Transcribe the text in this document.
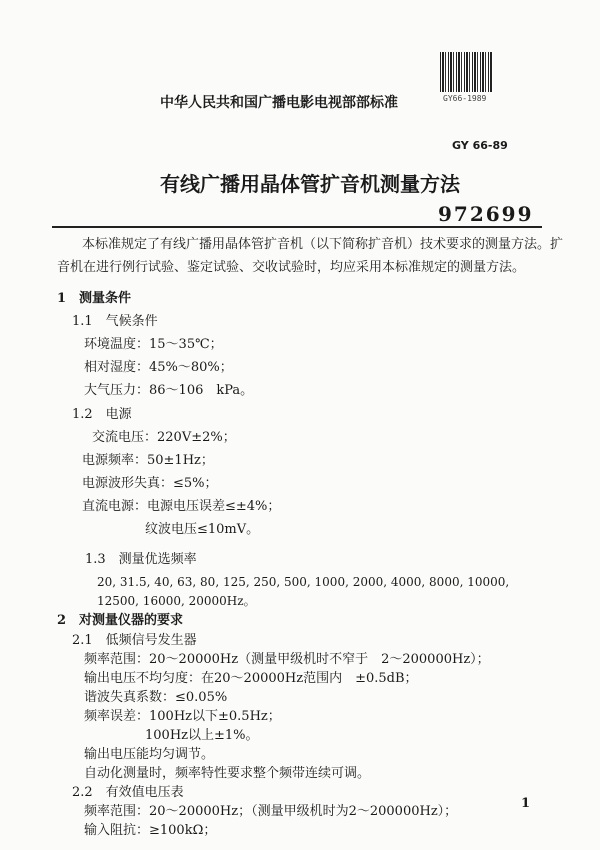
GY66-1989
中华人民共和国广播电影电视部部标准
GY 66-89
有线广播用晶体管扩音机测量方法
972699
本标准规定了有线广播用晶体管扩音机（以下简称扩音机）技术要求的测量方法。扩
音机在进行例行试验、鉴定试验、交收试验时，均应采用本标准规定的测量方法。
1　测量条件
1.1　气候条件
环境温度：15～35℃；
相对湿度：45%～80%；
大气压力：86～106　kPa。
1.2　电源
交流电压：220V±2%；
电源频率：50±1Hz；
电源波形失真：≤5%；
直流电源：电源电压误差≤±4%；
纹波电压≤10mV。
1.3　测量优选频率
20, 31.5, 40, 63, 80, 125, 250, 500, 1000, 2000, 4000, 8000, 10000,
12500, 16000, 20000Hz。
2　对测量仪器的要求
2.1　低频信号发生器
频率范围：20～20000Hz（测量甲级机时不窄于　2～200000Hz）；
输出电压不均匀度：在20～20000Hz范围内　±0.5dB；
谐波失真系数：≤0.05%
频率误差：100Hz以下±0.5Hz；
100Hz以上±1%。
输出电压能均匀调节。
自动化测量时，频率特性要求整个频带连续可调。
2.2　有效值电压表
频率范围：20～20000Hz；（测量甲级机时为2～200000Hz）；
输入阻抗：≥100kΩ；
1
